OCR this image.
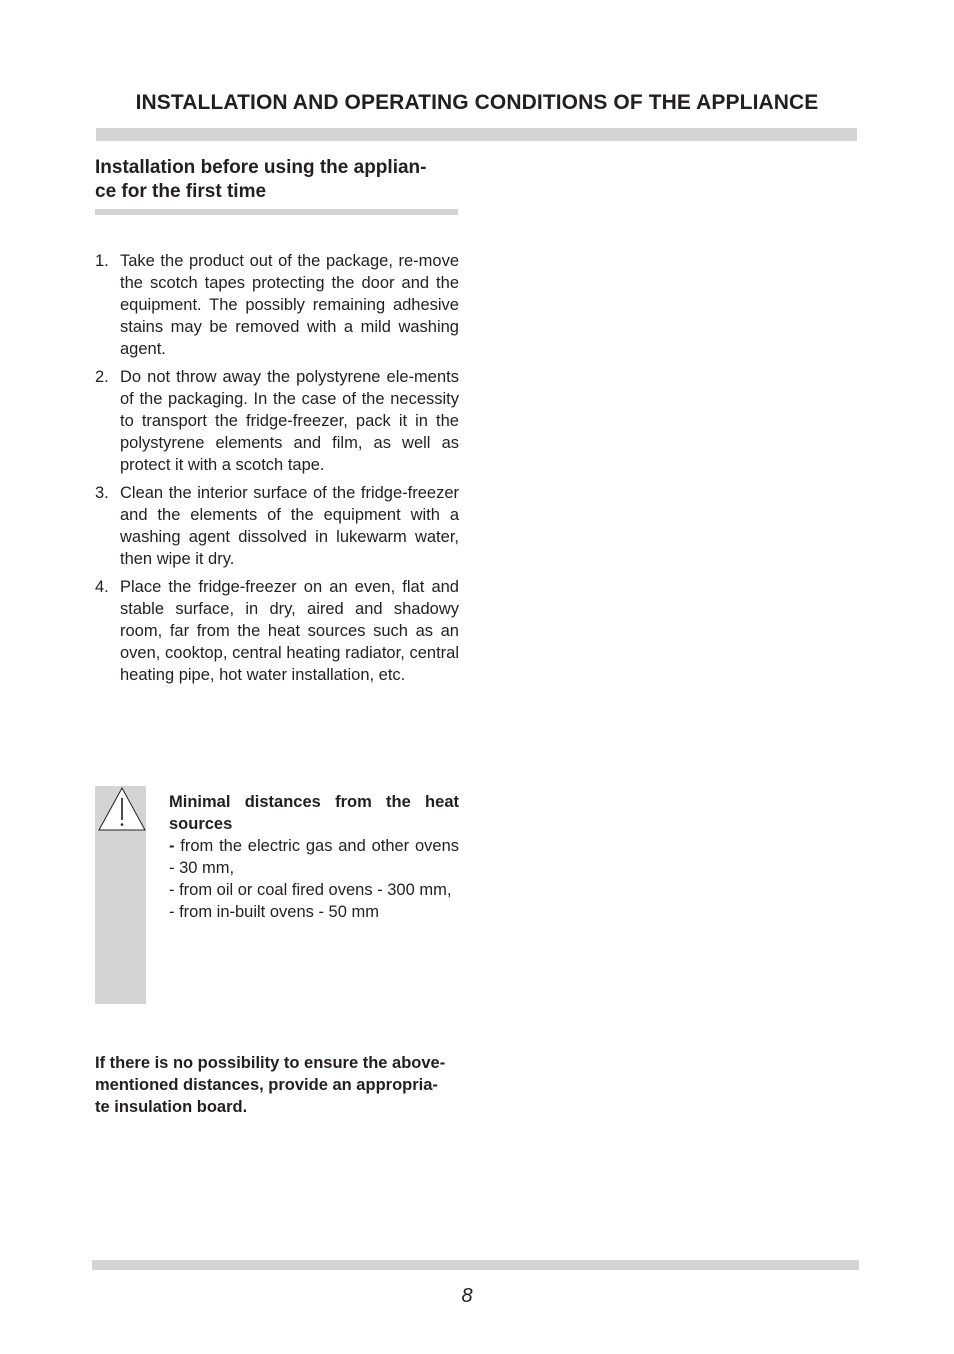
INSTALLATION AND OPERATING CONDITIONS OF THE APPLIANCE
Installation before using the applian-
ce for the first time
1. Take the product out of the package, re-move the scotch tapes protecting the door and the equipment. The possibly remaining adhesive stains may be removed with a mild washing agent.
2. Do not throw away the polystyrene ele-ments of the packaging. In the case of the necessity to transport the fridge-freezer, pack it in the polystyrene elements and film, as well as protect it with a scotch tape.
3. Clean the interior surface of the fridge-freezer and the elements of the equipment with a washing agent dissolved in lukewarm water, then wipe it dry.
4. Place the fridge-freezer on an even, flat and stable surface, in dry, aired and shadowy room, far from the heat sources such as an oven, cooktop, central heating radiator, central heating pipe, hot water installation, etc.

Minimal distances from the heat sources

- from the electric gas and other ovens - 30 mm,

- from oil or coal fired ovens - 300 mm,

- from in-built ovens - 50 mm

If there is no possibility to ensure the above-
mentioned distances, provide an appropria-
te insulation board.

8
